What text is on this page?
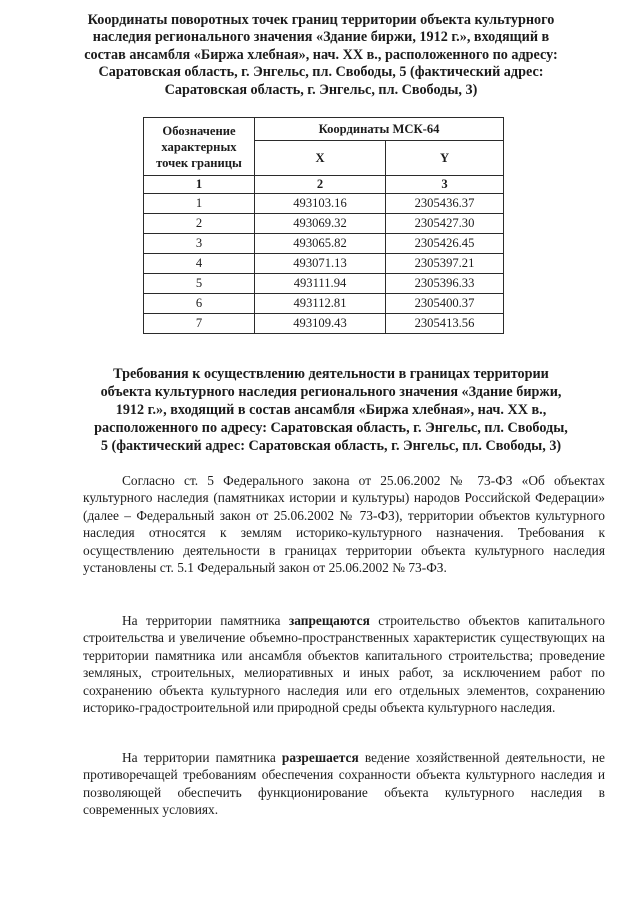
Координаты поворотных точек границ территории объекта культурного
наследия регионального значения «Здание биржи, 1912 г.», входящий в
состав ансамбля «Биржа хлебная», нач. XX в., расположенного по адресу:
Саратовская область, г. Энгельс, пл. Свободы, 5 (фактический адрес:
Саратовская область, г. Энгельс, пл. Свободы, 3)
Обозначение
характерных
точек границы	Координаты МСК-64	
	X	Y
1	2	3
1	493103.16	2305436.37
2	493069.32	2305427.30
3	493065.82	2305426.45
4	493071.13	2305397.21
5	493111.94	2305396.33
6	493112.81	2305400.37
7	493109.43	2305413.56
Требования к осуществлению деятельности в границах территории
объекта культурного наследия регионального значения «Здание биржи,
1912 г.», входящий в состав ансамбля «Биржа хлебная», нач. XX в.,
расположенного по адресу: Саратовская область, г. Энгельс, пл. Свободы,
5 (фактический адрес: Саратовская область, г. Энгельс, пл. Свободы, 3)

Согласно ст. 5 Федерального закона от 25.06.2002 № 73-ФЗ «Об объектах культурного наследия (памятниках истории и культуры) народов Российской Федерации» (далее – Федеральный закон от 25.06.2002 № 73-ФЗ), территории объектов культурного наследия относятся к землям историко-культурного назначения. Требования к осуществлению деятельности в границах территории объекта культурного наследия установлены ст. 5.1 Федеральный закон от 25.06.2002 № 73-ФЗ.

На территории памятника запрещаются строительство объектов капитального строительства и увеличение объемно-пространственных характеристик существующих на территории памятника или ансамбля объектов капитального строительства; проведение земляных, строительных, мелиоративных и иных работ, за исключением работ по сохранению объекта культурного наследия или его отдельных элементов, сохранению историко-градостроительной или природной среды объекта культурного наследия.

На территории памятника разрешается ведение хозяйственной деятельности, не противоречащей требованиям обеспечения сохранности объекта культурного наследия и позволяющей обеспечить функционирование объекта культурного наследия в современных условиях.
